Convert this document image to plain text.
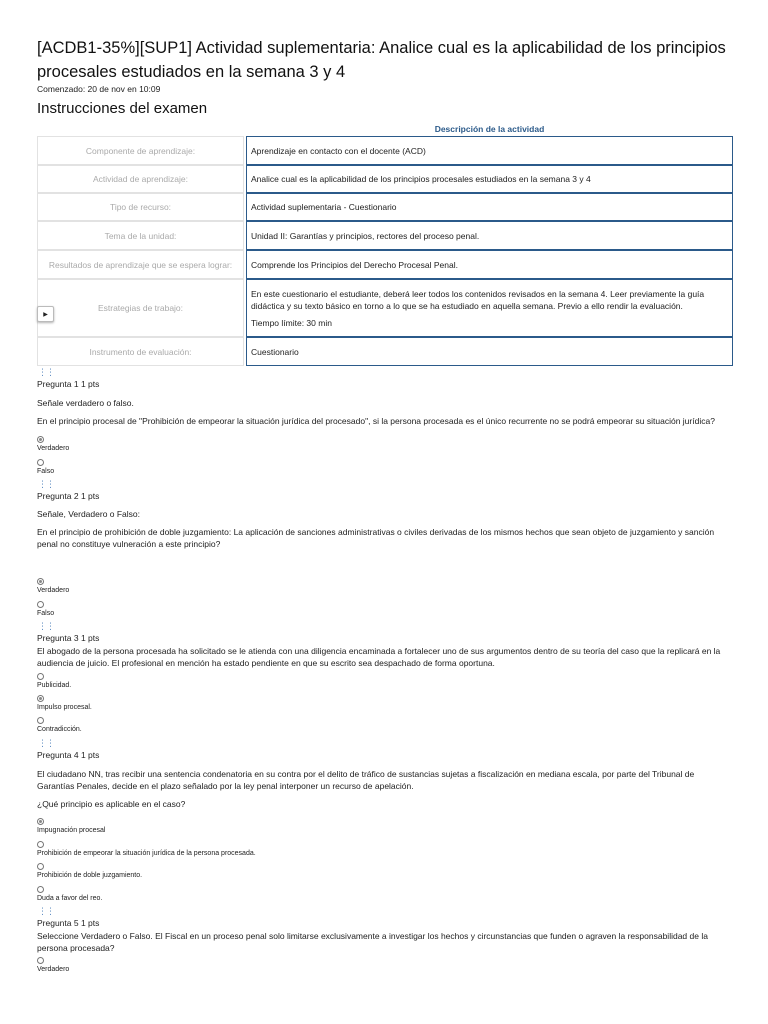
[ACDB1-35%][SUP1] Actividad suplementaria: Analice cual es la aplicabilidad de los principios procesales estudiados en la semana 3 y 4
Comenzado: 20 de nov en 10:09
Instrucciones del examen
Descripción de la actividad
Componente de aprendizaje:	Aprendizaje en contacto con el docente (ACD)
Actividad de aprendizaje:	Analice cual es la aplicabilidad de los principios procesales estudiados en la semana 3 y 4
Tipo de recurso:	Actividad suplementaria - Cuestionario
Tema de la unidad:	Unidad II: Garantías y principios, rectores del proceso penal.
Resultados de aprendizaje que se espera lograr:	Comprende los Principios del Derecho Procesal Penal.
Estrategias de trabajo:

En este cuestionario el estudiante, deberá leer todos los contenidos revisados en la semana 4. Leer previamente la guía didáctica y su texto básico en torno a lo que se ha estudiado en aquella semana. Previo a ello rendir la evaluación.

Tiempo límite: 30 min

▶
Instrumento de evaluación:	Cuestionario
⋮⋮
Pregunta 1 1 pts
Señale verdadero o falso.
En el principio procesal de "Prohibición de empeorar la situación jurídica del procesado", si la persona procesada es el único recurrente no se podrá empeorar su situación jurídica?
Verdadero
Falso
⋮⋮
Pregunta 2 1 pts
Señale, Verdadero o Falso:
En el principio de prohibición de doble juzgamiento: La aplicación de sanciones administrativas o civiles derivadas de los mismos hechos que sean objeto de juzgamiento y sanción penal no constituye vulneración a este principio?
Verdadero
Falso
⋮⋮
Pregunta 3 1 pts
El abogado de la persona procesada ha solicitado se le atienda con una diligencia encaminada a fortalecer uno de sus argumentos dentro de su teoría del caso que la replicará en la audiencia de juicio. El profesional en mención ha estado pendiente en que su escrito sea despachado de forma oportuna.
Publicidad.
Impulso procesal.
Contradicción.
⋮⋮
Pregunta 4 1 pts
El ciudadano NN, tras recibir una sentencia condenatoria en su contra por el delito de tráfico de sustancias sujetas a fiscalización en mediana escala, por parte del Tribunal de Garantías Penales, decide en el plazo señalado por la ley penal interponer un recurso de apelación.
¿Qué principio es aplicable en el caso?
Impugnación procesal
Prohibición de empeorar la situación jurídica de la persona procesada.
Prohibición de doble juzgamiento.
Duda a favor del reo.
⋮⋮
Pregunta 5 1 pts
Seleccione Verdadero o Falso. El Fiscal en un proceso penal solo limitarse exclusivamente a investigar los hechos y circunstancias que funden o agraven la responsabilidad de la persona procesada?
Verdadero
